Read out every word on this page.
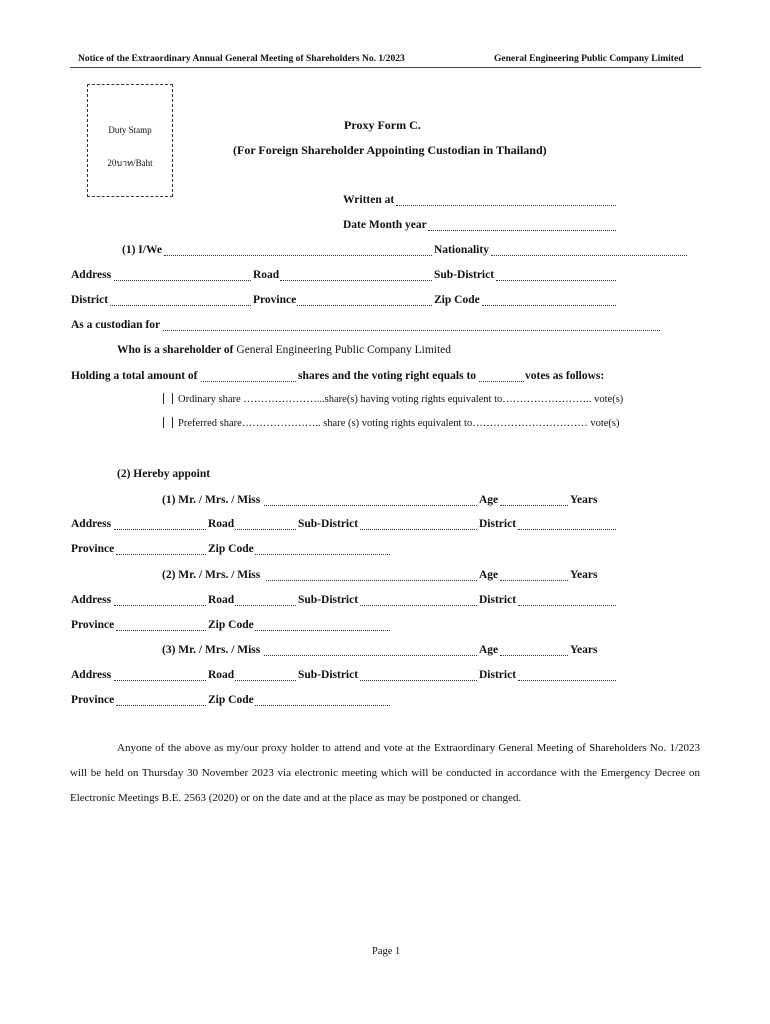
Notice of the Extraordinary Annual General Meeting of Shareholders No. 1/2023	General Engineering Public Company Limited
Duty Stamp
20บาท/Baht
Proxy Form C.
(For Foreign Shareholder Appointing Custodian in Thailand)
Written at
Date Month year
(1) I/We	Nationality
Address	Road	Sub-District
District	Province	Zip Code
As a custodian for
Who is a shareholder of General Engineering Public Company Limited
Holding a total amount of	shares and the voting right equals to	votes as follows:
Ordinary share …………………...share(s) having voting rights equivalent to…………………….. vote(s)
Preferred share………………….. share (s) voting rights equivalent to…………………………… vote(s)
(2) Hereby appoint
(1) Mr. / Mrs. / Miss	Age	Years
Address	Road	Sub-District	District
Province	Zip Code
(2) Mr. / Mrs. / Miss	Age	Years
Address	Road	Sub-District	District
Province	Zip Code
(3) Mr. / Mrs. / Miss	Age	Years
Address	Road	Sub-District	District
Province	Zip Code
Anyone of the above as my/our proxy holder to attend and vote at the Extraordinary General Meeting of Shareholders No. 1/2023 will be held on Thursday 30 November 2023 via electronic meeting which will be conducted in accordance with the Emergency Decree on Electronic Meetings B.E. 2563 (2020) or on the date and at the place as may be postponed or changed.
Page 1
